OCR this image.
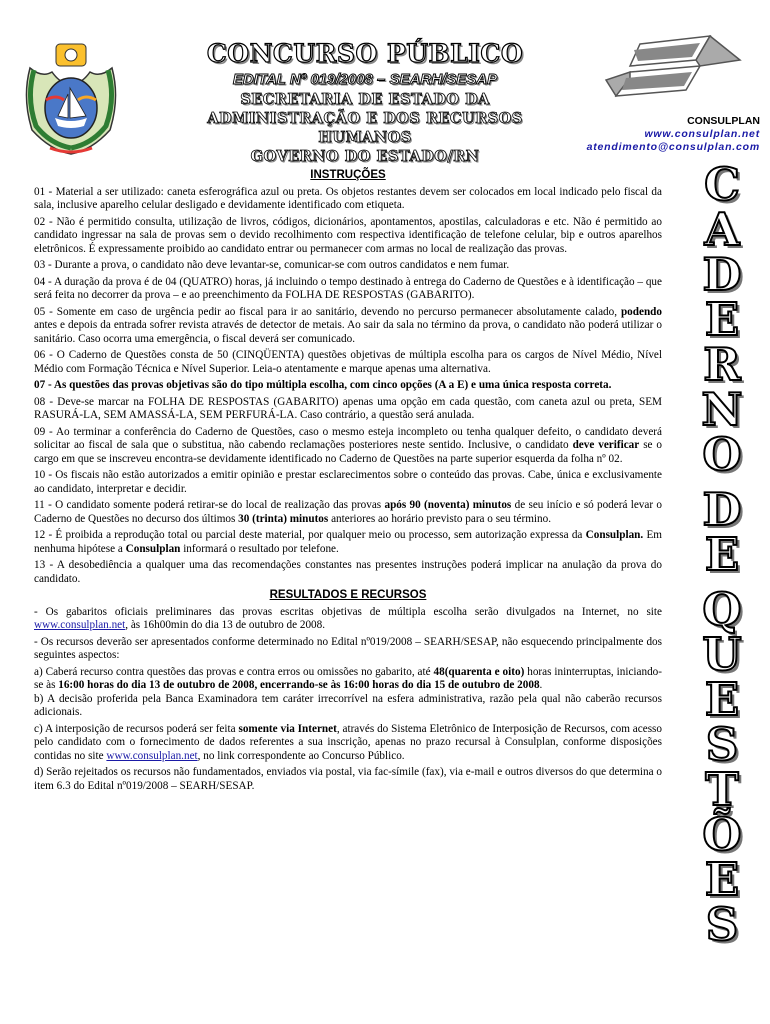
CONCURSO PÚBLICO
EDITAL Nº 019/2008 – SEARH/SESAP
SECRETARIA DE ESTADO DA
ADMINISTRAÇÃO E DOS RECURSOS
HUMANOS
GOVERNO DO ESTADO/RN
CONSULPLAN
www.consulplan.net
atendimento@consulplan.com
INSTRUÇÕES

01 - Material a ser utilizado: caneta esferográfica azul ou preta. Os objetos restantes devem ser colocados em local indicado pelo fiscal da sala, inclusive aparelho celular desligado e devidamente identificado com etiqueta.

02 - Não é permitido consulta, utilização de livros, códigos, dicionários, apontamentos, apostilas, calculadoras e etc. Não é permitido ao candidato ingressar na sala de provas sem o devido recolhimento com respectiva identificação de telefone celular, bip e outros aparelhos eletrônicos. É expressamente proibido ao candidato entrar ou permanecer com armas no local de realização das provas.

03 - Durante a prova, o candidato não deve levantar-se, comunicar-se com outros candidatos e nem fumar.

04 - A duração da prova é de 04 (QUATRO) horas, já incluindo o tempo destinado à entrega do Caderno de Questões e à identificação – que será feita no decorrer da prova – e ao preenchimento da FOLHA DE RESPOSTAS (GABARITO).

05 - Somente em caso de urgência pedir ao fiscal para ir ao sanitário, devendo no percurso permanecer absolutamente calado, podendo antes e depois da entrada sofrer revista através de detector de metais. Ao sair da sala no término da prova, o candidato não poderá utilizar o sanitário. Caso ocorra uma emergência, o fiscal deverá ser comunicado.

06 - O Caderno de Questões consta de 50 (CINQÜENTA) questões objetivas de múltipla escolha para os cargos de Nível Médio, Nível Médio com Formação Técnica e Nível Superior. Leia-o atentamente e marque apenas uma alternativa.

07 - As questões das provas objetivas são do tipo múltipla escolha, com cinco opções (A a E) e uma única resposta correta.

08 - Deve-se marcar na FOLHA DE RESPOSTAS (GABARITO) apenas uma opção em cada questão, com caneta azul ou preta, SEM RASURÁ-LA, SEM AMASSÁ-LA, SEM PERFURÁ-LA. Caso contrário, a questão será anulada.

09 - Ao terminar a conferência do Caderno de Questões, caso o mesmo esteja incompleto ou tenha qualquer defeito, o candidato deverá solicitar ao fiscal de sala que o substitua, não cabendo reclamações posteriores neste sentido. Inclusive, o candidato deve verificar se o cargo em que se inscreveu encontra-se devidamente identificado no Caderno de Questões na parte superior esquerda da folha nº 02.

10 - Os fiscais não estão autorizados a emitir opinião e prestar esclarecimentos sobre o conteúdo das provas. Cabe, única e exclusivamente ao candidato, interpretar e decidir.

11 - O candidato somente poderá retirar-se do local de realização das provas após 90 (noventa) minutos de seu início e só poderá levar o Caderno de Questões no decurso dos últimos 30 (trinta) minutos anteriores ao horário previsto para o seu término.

12 - É proibida a reprodução total ou parcial deste material, por qualquer meio ou processo, sem autorização expressa da Consulplan. Em nenhuma hipótese a Consulplan informará o resultado por telefone.

13 - A desobediência a qualquer uma das recomendações constantes nas presentes instruções poderá implicar na anulação da prova do candidato.

RESULTADOS E RECURSOS

- Os gabaritos oficiais preliminares das provas escritas objetivas de múltipla escolha serão divulgados na Internet, no site www.consulplan.net, às 16h00min do dia 13 de outubro de 2008.

- Os recursos deverão ser apresentados conforme determinado no Edital nº019/2008 – SEARH/SESAP, não esquecendo principalmente dos seguintes aspectos:

a) Caberá recurso contra questões das provas e contra erros ou omissões no gabarito, até 48(quarenta e oito) horas ininterruptas, iniciando-se às 16:00 horas do dia 13 de outubro de 2008, encerrando-se às 16:00 horas do dia 15 de outubro de 2008.

b) A decisão proferida pela Banca Examinadora tem caráter irrecorrível na esfera administrativa, razão pela qual não caberão recursos adicionais.

c) A interposição de recursos poderá ser feita somente via Internet, através do Sistema Eletrônico de Interposição de Recursos, com acesso pelo candidato com o fornecimento de dados referentes a sua inscrição, apenas no prazo recursal à Consulplan, conforme disposições contidas no site www.consulplan.net, no link correspondente ao Concurso Público.

d) Serão rejeitados os recursos não fundamentados, enviados via postal, via fac-símile (fax), via e-mail e outros diversos do que determina o item 6.3 do Edital nº019/2008 – SEARH/SESAP.

C
A
D
E
R
N
O
D
E
Q
U
E
S
T
Õ
E
S
